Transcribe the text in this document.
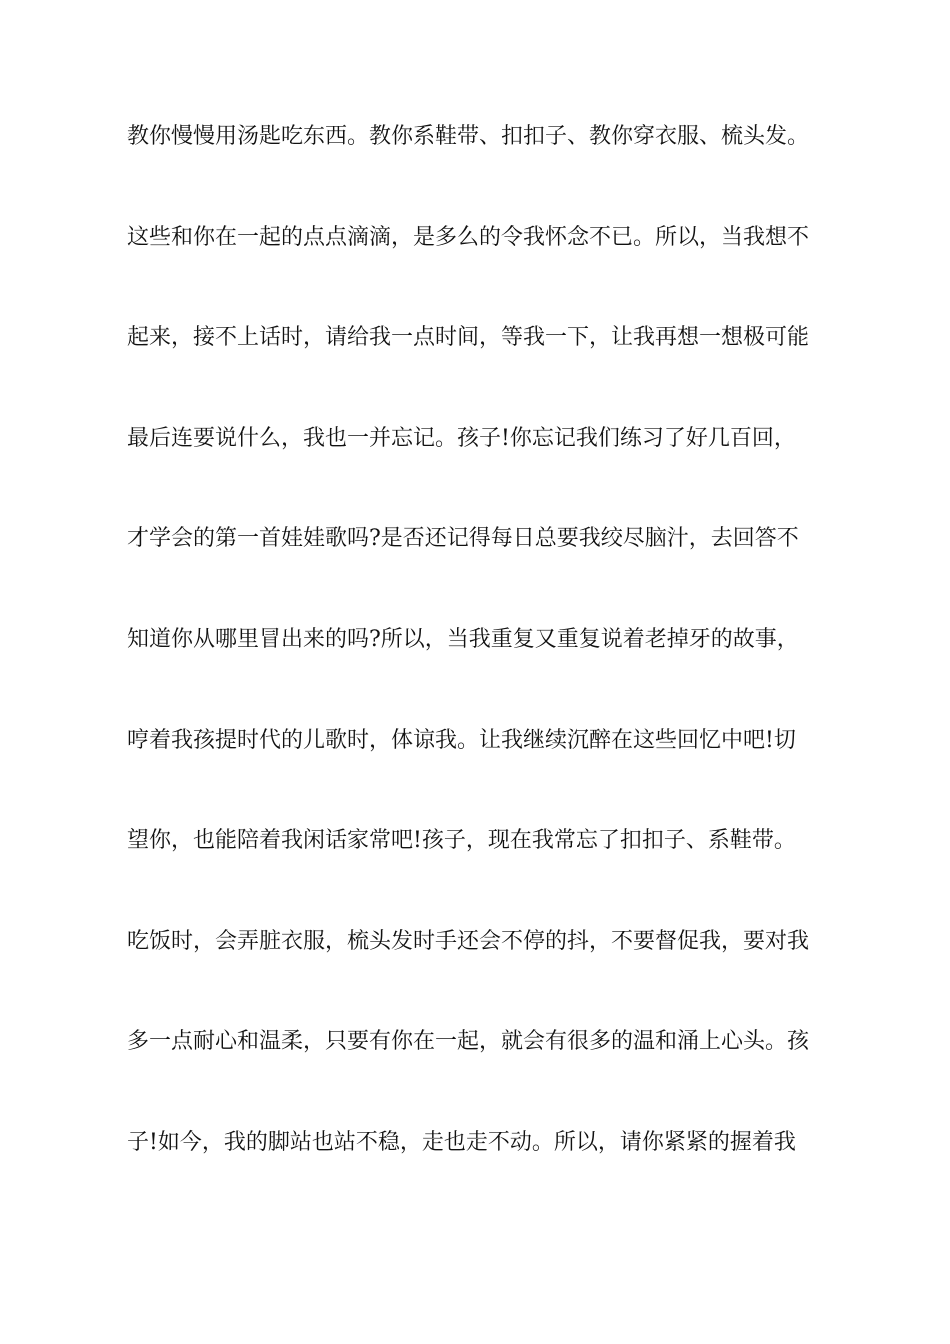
教你慢慢用汤匙吃东西。教你系鞋带、扣扣子、教你穿衣服、梳头发。
这些和你在一起的点点滴滴，是多么的令我怀念不已。所以，当我想不
起来，接不上话时，请给我一点时间，等我一下，让我再想一想极可能
最后连要说什么，我也一并忘记。孩子!你忘记我们练习了好几百回，
才学会的第一首娃娃歌吗?是否还记得每日总要我绞尽脑汁，去回答不
知道你从哪里冒出来的吗?所以，当我重复又重复说着老掉牙的故事，
哼着我孩提时代的儿歌时，体谅我。让我继续沉醉在这些回忆中吧!切
望你，也能陪着我闲话家常吧!孩子，现在我常忘了扣扣子、系鞋带。
吃饭时，会弄脏衣服，梳头发时手还会不停的抖，不要督促我，要对我
多一点耐心和温柔，只要有你在一起，就会有很多的温和涌上心头。孩
子!如今，我的脚站也站不稳，走也走不动。所以，请你紧紧的握着我
